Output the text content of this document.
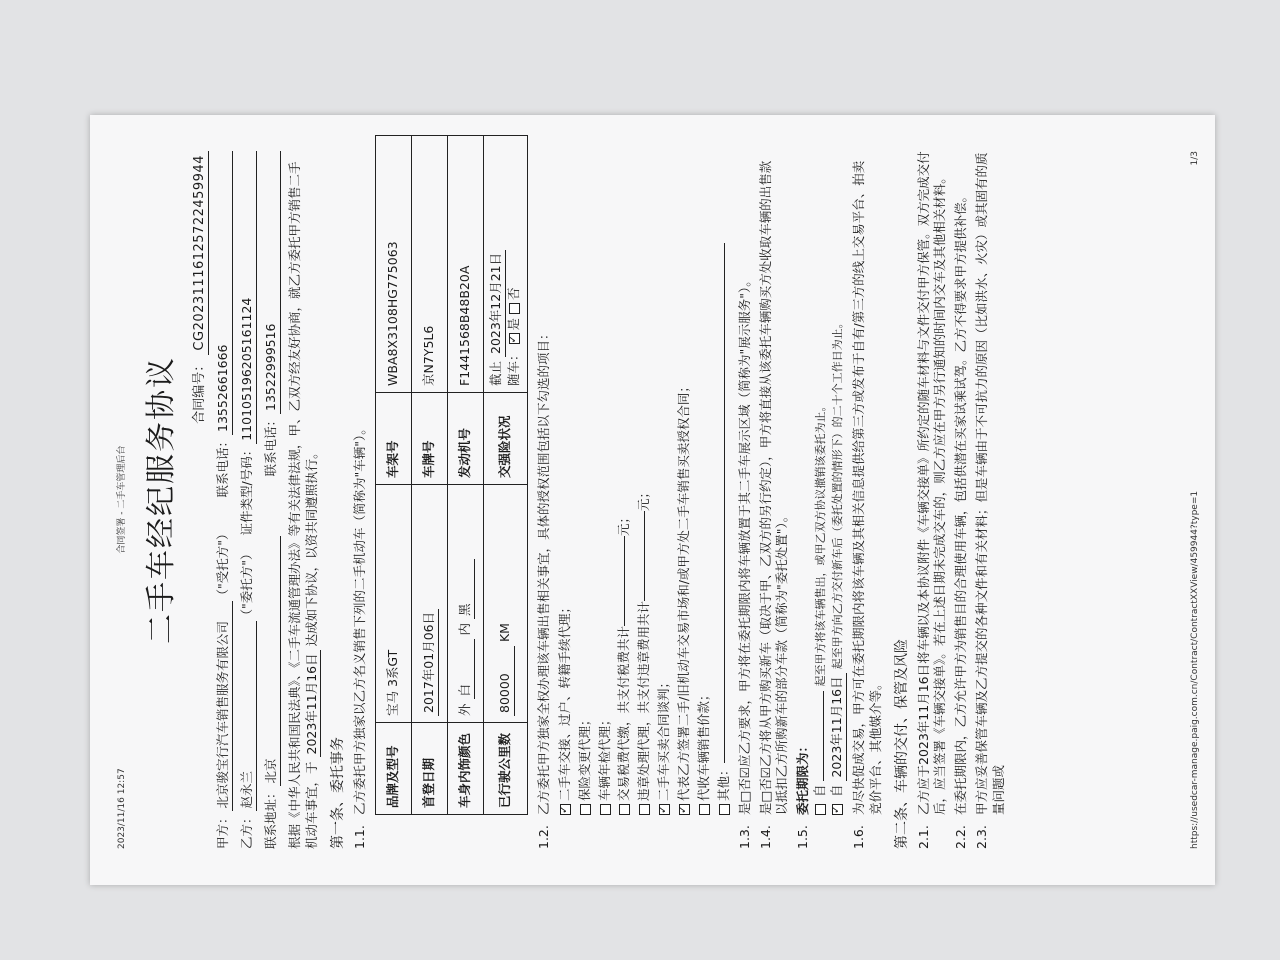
2023/11/16 12:57
合同签署 - 二手车管理后台 二手车经纪服务协议 合同编号： CG20231116125722459944
甲方：
北京骏宝行汽车销售服务有限公司
（"受托方"）
联系电话：
13552661666
乙方：
赵永兰
（"委托方"）
证件类型/号码：
110105196205161124
联系地址：
北京
联系电话：
13522999516 根据《中华人民共和国民法典》、《二手车流通管理办法》等有关法律法规，甲、乙双方经友好协商，就乙方委托甲方销售二手机动车事宜，于 2023年11月16日 达成如下协议，以资共同遵照执行。
第一条、委托事务 1.1.
乙方委托甲方独家以乙方名义销售下列的二手机动车（简称为"车辆"）。 品牌及型号	宝马 3系GT	车架号	WBA8X3108HG775063
首登日期	2017年01月06日	车牌号	京N7Y5L6
车身内饰颜色	外 白 内 黑	发动机号	F1441568B48B20A
已行驶公里数	80000 KM	交强险状况	截止 2023年12月21日
随车： ✓是 否
1.2.
乙方委托甲方独家全权办理该车辆出售相关事宜，具体的授权范围包括以下勾选的项目：
✓ 二手车交接、过户、转籍手续代理； 保险变更代理； 车辆年检代理； 交易税费代缴，共支付税费共计
元；
违章处理代理，共支付违章费用共计
元；
✓
二手车买卖合同谈判；
✓ 代表乙方签署二手/旧机动车交易市场和/或甲方处二手车销售买卖授权合同； 代收车辆销售价款； 其他：
1.3.
是□否☑应乙方要求，甲方将在委托期限内将车辆放置于其二手车展示区域（简称为"展示服务"）。
1.4.
是□否☑乙方将从甲方购买新车（取决于甲、乙双方的另行约定），甲方将直接从该委托车辆购买方处收取车辆的出售款以抵扣乙方所购新车的部分车款（简称为"委托处置"）。
1.5.
委托期限为： 自  起至甲方将该车辆售出，或甲乙双方协议撤销该委托为止。
✓ 自 2023年11月16日 起至甲方向乙方交付新车后（委托处置的情形下）的二十个工作日为止。
1.6.
为尽快促成交易，甲方可在委托期限内将该车辆及其相关信息提供给第三方或发布于自有/第三方的线上交易平台、拍卖竞价平台、其他媒介等。 第二条、车辆的交付、保管及风险 2.1.
乙方应于2023年11月16日将车辆以及本协议附件《车辆交接单》所约定的随车材料与文件交付甲方保管。双方完成交付后，应当签署《车辆交接单》。若在上述日期未完成交车的，则乙方应在甲方另行通知的时间内交车及其他相关材料。
2.2.
在委托期限内，乙方允许甲方为销售目的合理使用车辆，包括供潜在买家试乘试驾。乙方不得要求甲方提供补偿。
2.3.
甲方应妥善保管车辆及乙方提交的各种文件和有关材料；但是车辆由于不可抗力的原因（比如洪水、火灾）或其固有的质量问题或	https://usedcar-manage.paig.com.cn/Contract/ContractXXView/459944?type=1
1/3
